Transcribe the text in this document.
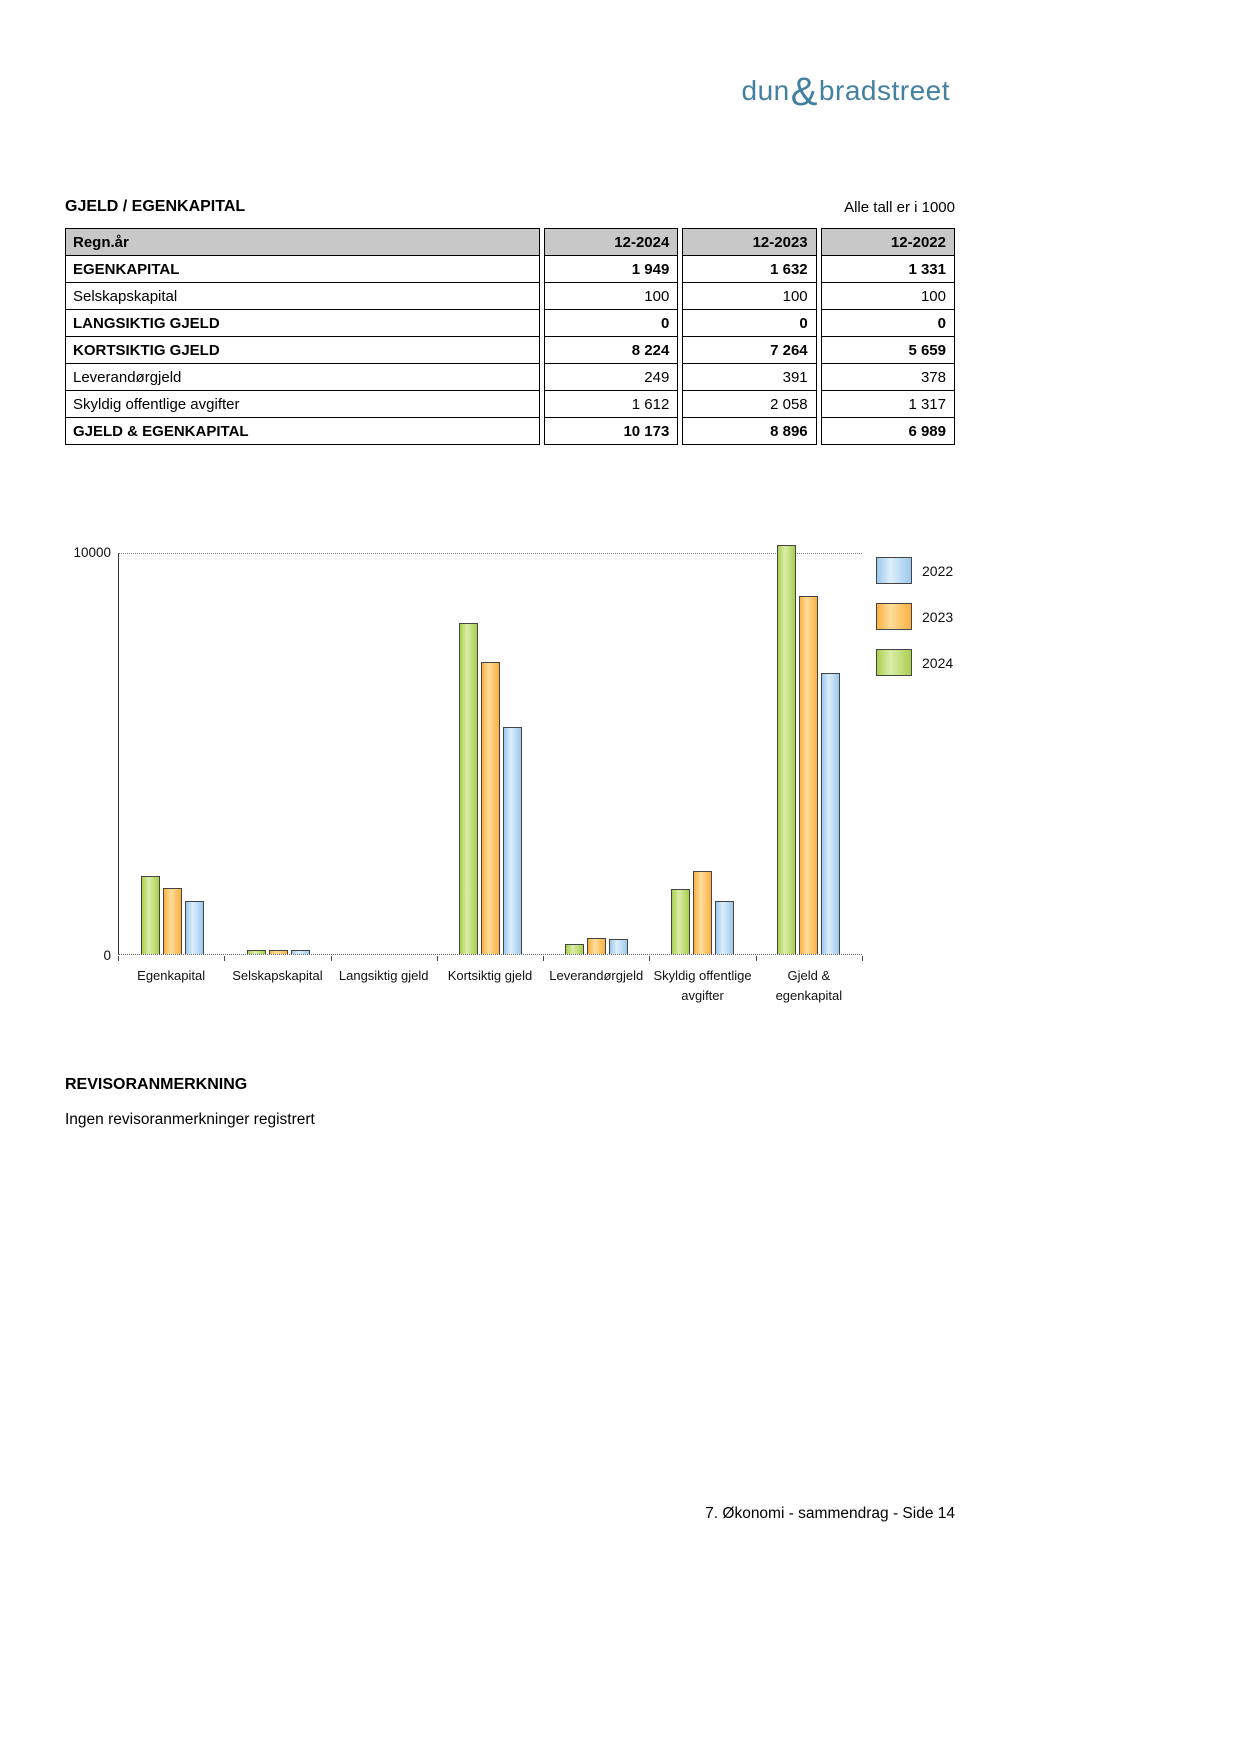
dun&bradstreet
GJELD / EGENKAPITAL	Alle tall er i 1000
Regn.år	12-2024	12-2023	12-2022
EGENKAPITAL	1 949	1 632	1 331
Selskapskapital	100	100	100
LANGSIKTIG GJELD	0	0	0
KORTSIKTIG GJELD	8 224	7 264	5 659
Leverandørgjeld	249	391	378
Skyldig offentlige avgifter	1 612	2 058	1 317
GJELD & EGENKAPITAL	10 173	8 896	6 989
10000
0
Egenkapital	Selskapskapital	Langsiktig gjeld	Kortsiktig gjeld	Leverandørgjeld Skyldig offentlige avgifter
Gjeld & egenkapital
2022
2023
2024
REVISORANMERKNING
Ingen revisoranmerkninger registrert
7. Økonomi - sammendrag - Side 14
